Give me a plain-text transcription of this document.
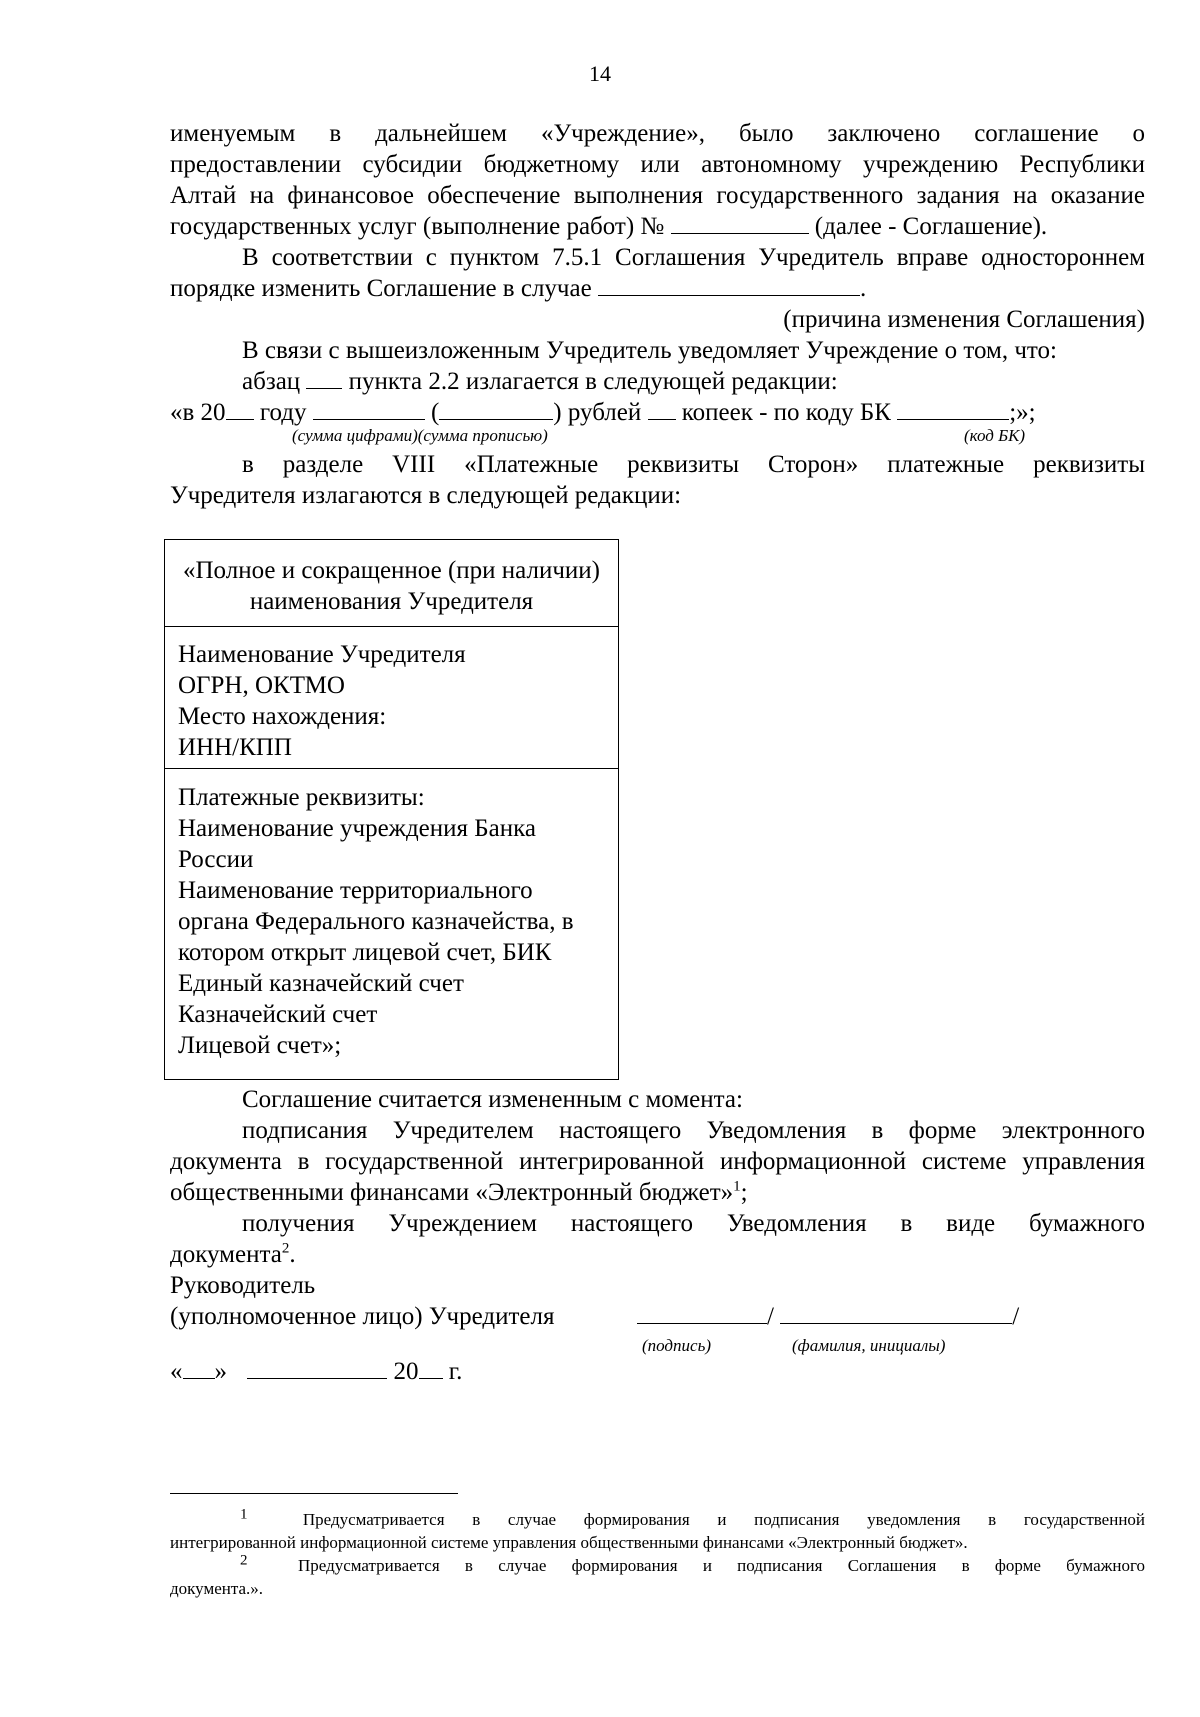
14
именуемым в дальнейшем «Учреждение», было заключено соглашение о
предоставлении субсидии бюджетному или автономному учреждению Республики
Алтай на финансовое обеспечение выполнения государственного задания на оказание
государственных услуг (выполнение работ) №	(далее - Соглашение).
В соответствии с пунктом 7.5.1 Соглашения Учредитель вправе одностороннем
порядке изменить Соглашение в случае	.
(причина изменения Соглашения)
В связи с вышеизложенным Учредитель уведомляет Учреждение о том, что:
абзац пункта 2.2 излагается в следующей редакции:
«в 20 году	(	) рублей копеек - по коду БК	;»;
(сумма цифрами)(сумма прописью)	(код БК)
в разделе VIII «Платежные реквизиты Сторон» платежные реквизиты
Учредителя излагаются в следующей редакции:
«Полное и сокращенное (при наличии)
наименования Учредителя
Наименование Учредителя
ОГРН, ОКТМО
Место нахождения:
ИНН/КПП
Платежные реквизиты:
Наименование учреждения Банка
России
Наименование территориального
органа Федерального казначейства, в
котором открыт лицевой счет, БИК
Единый казначейский счет
Казначейский счет
Лицевой счет»;
Соглашение считается измененным с момента:
подписания Учредителем настоящего Уведомления в форме электронного
документа в государственной интегрированной информационной системе управления
общественными финансами «Электронный бюджет»$^1$;
получения Учреждением настоящего Уведомления в виде бумажного
документа$^2$.
Руководитель
(уполномоченное лицо) Учредителя	/	/
(подпись)	(фамилия, инициалы)
« »	20 г.
$^1$	Предусматривается в случае формирования и подписания уведомления в государственной
интегрированной информационной системе управления общественными финансами «Электронный бюджет».
$^2$	Предусматривается в случае формирования и подписания Соглашения в форме бумажного
документа.».
